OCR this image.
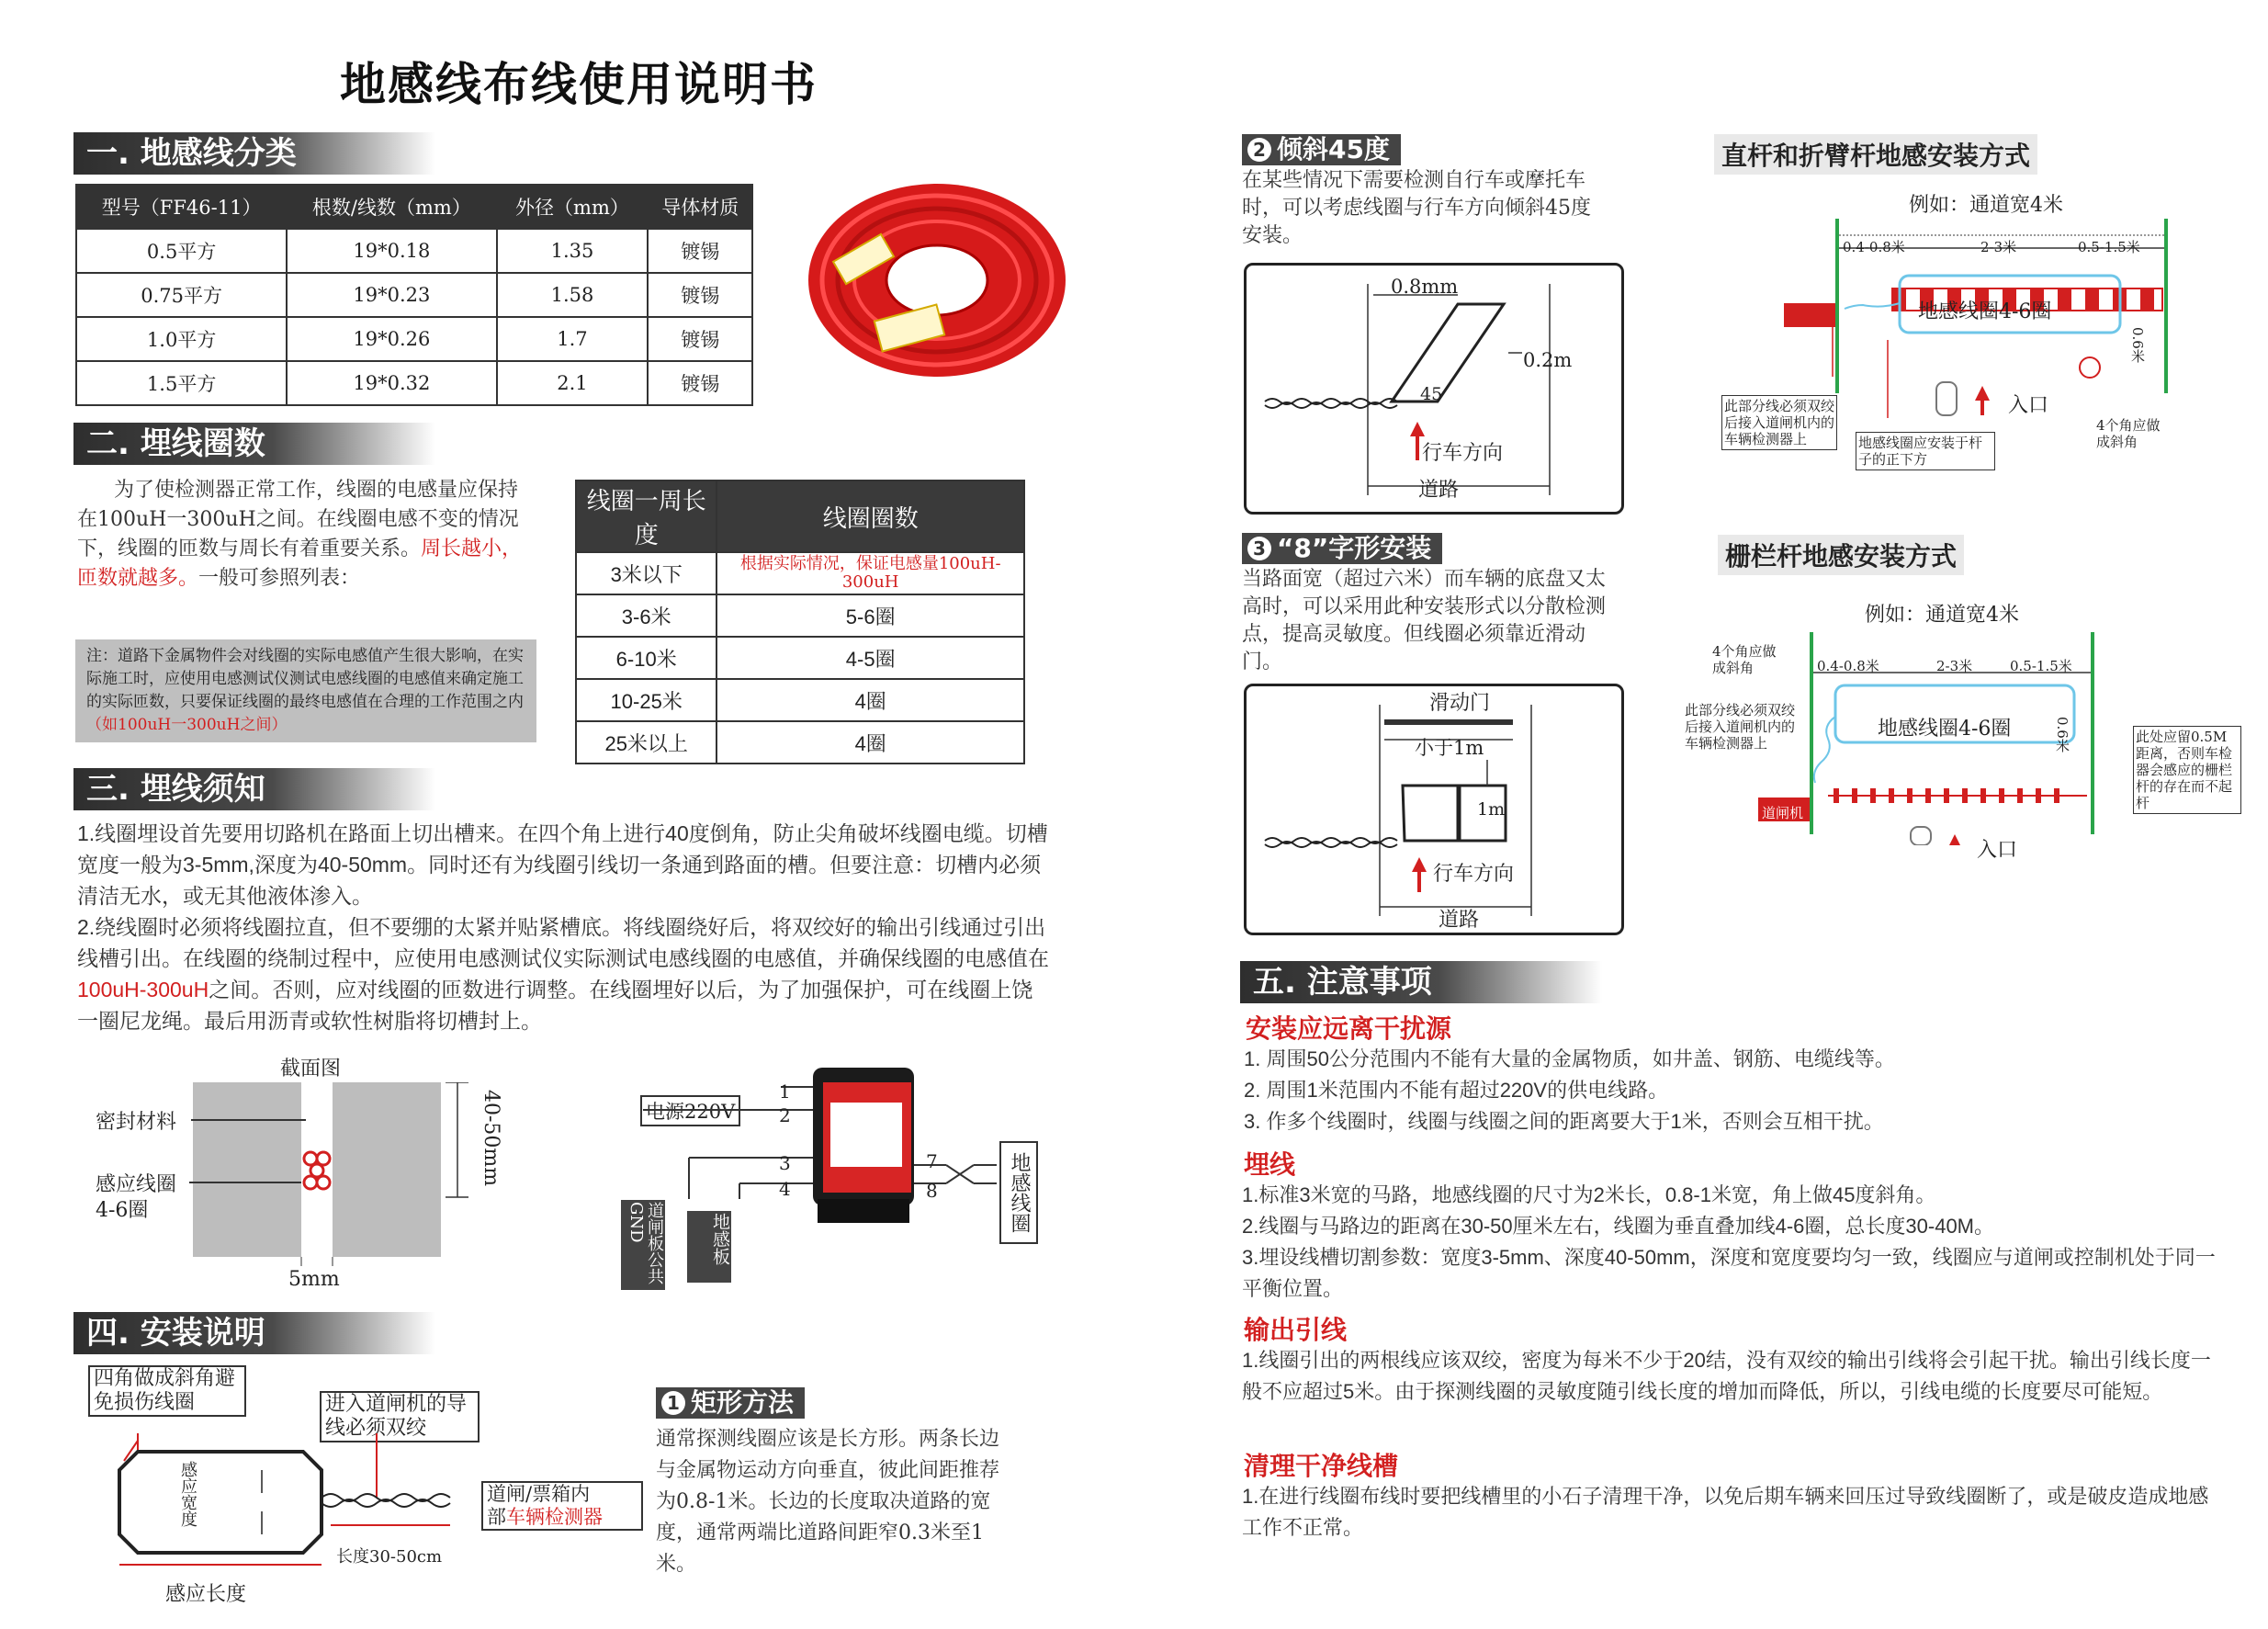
地感线布线使用说明书
一. 地感线分类
型号（FF46-11）	根数/线数（mm）	外径（mm）	导体材质
0.5平方	19*0.18	1.35	镀锡
0.75平方	19*0.23	1.58	镀锡
1.0平方	19*0.26	1.7	镀锡
1.5平方	19*0.32	2.1	镀锡
二. 埋线圈数
为了使检测器正常工作，线圈的电感量应保持在100uH一300uH之间。在线圈电感不变的情况下，线圈的匝数与周长有着重要关系。周长越小，匝数就越多。一般可参照列表：
注：道路下金属物件会对线圈的实际电感值产生很大影响，在实际施工时，应使用电感测试仪测试电感线圈的电感值来确定施工的实际匝数，只要保证线圈的最终电感值在合理的工作范围之内（如100uH一300uH之间）
线圈一周长度	线圈圈数
3米以下	根据实际情况，保证电感量100uH-300uH
3-6米	5-6圈
6-10米	4-5圈
10-25米	4圈
25米以上	4圈
三. 埋线须知
1.线圈埋设首先要用切路机在路面上切出槽来。在四个角上进行40度倒角，防止尖角破坏线圈电缆。切槽宽度一般为3-5mm,深度为40-50mm。同时还有为线圈引线切一条通到路面的槽。但要注意：切槽内必须清洁无水，或无其他液体渗入。
2.绕线圈时必须将线圈拉直，但不要绷的太紧并贴紧槽底。将线圈绕好后，将双绞好的输出引线通过引出线槽引出。在线圈的绕制过程中，应使用电感测试仪实际测试电感线圈的电感值，并确保线圈的电感值在100uH-300uH之间。否则，应对线圈的匝数进行调整。在线圈埋好以后，为了加强保护，可在线圈上饶一圈尼龙绳。最后用沥青或软性树脂将切槽封上。
截面图
密封材料
感应线圈
4-6圈
40-50mm
5mm
电源220V
1
2
3
4
7
8	地感线圈
道闸板公共GND	地感板
四. 安装说明
四角做成斜角避免损伤线圈	进入道闸机的导线必须双绞
感应宽度
感应长度
长度30-50cm
道闸/票箱内
部车辆检测器
1 矩形方法
通常探测线圈应该是长方形。两条长边与金属物运动方向垂直，彼此间距推荐为0.8-1米。长边的长度取决道路的宽度，通常两端比道路间距窄0.3米至1米。
2 倾斜45度
在某些情况下需要检测自行车或摩托车时，可以考虑线圈与行车方向倾斜45度安装。
0.8mm
0.2m
45
行车方向
道路
3 “8”字形安装
当路面宽（超过六米）而车辆的底盘又太高时，可以采用此种安装形式以分散检测点，提高灵敏度。但线圈必须靠近滑动门。
滑动门
小于1m
1m
行车方向
道路
直杆和折臂杆地感安装方式
例如：通道宽4米
0.4-0.8米	2-3米	0.5-1.5米
地感线圈4-6圈
道闸机	0.6米
此部分线必须双绞后接入道闸机内的车辆检测器上	地感线圈应安装于杆子的正下方
入口
4个角应做成斜角
栅栏杆地感安装方式
例如：通道宽4米
4个角应做成斜角	0.4-0.8米	2-3米	0.5-1.5米
地感线圈4-6圈	0.6米
此部分线必须双绞后接入道闸机内的车辆检测器上	此处应留0.5M距离，否则车检器会感应的栅栏杆的存在而不起杆
道闸机
入口
五. 注意事项
安装应远离干扰源
1. 周围50公分范围内不能有大量的金属物质，如井盖、钢筋、电缆线等。
2. 周围1米范围内不能有超过220V的供电线路。
3. 作多个线圈时，线圈与线圈之间的距离要大于1米，否则会互相干扰。
埋线
1.标准3米宽的马路，地感线圈的尺寸为2米长，0.8-1米宽，角上做45度斜角。
2.线圈与马路边的距离在30-50厘米左右，线圈为垂直叠加线4-6圈，总长度30-40M。
3.埋设线槽切割参数：宽度3-5mm、深度40-50mm，深度和宽度要均匀一致，线圈应与道闸或控制机处于同一平衡位置。
输出引线
1.线圈引出的两根线应该双绞，密度为每米不少于20结，没有双绞的输出引线将会引起干扰。输出引线长度一般不应超过5米。由于探测线圈的灵敏度随引线长度的增加而降低，所以，引线电缆的长度要尽可能短。
清理干净线槽
1.在进行线圈布线时要把线槽里的小石子清理干净，以免后期车辆来回压过导致线圈断了，或是破皮造成地感工作不正常。
